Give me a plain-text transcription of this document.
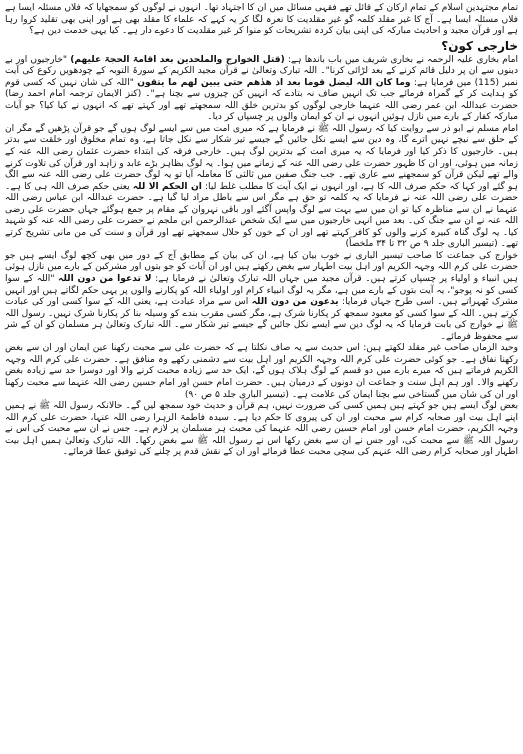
تمام مجتہدین اسلام کے تمام ارکان کے قائل تھے فقہی مسائل میں ان کا اجتہاد تھا۔ انہوں نے لوگوں کو سمجھایا کہ فلاں مسئلہ ایسا ہے فلاں مسئلہ ایسا ہے۔ آج کا غیر مقلد کلمہ گو غیر مقلدیت کا نعرہ لگا کر یہ کہے کہ علماء کا مقلد بھی ہے اور اپنی بھی تقلید کروا رہا ہے اور قرآن مجید و احادیث مبارکہ کی اپنی بیان کردہ تشریحات کو منوا کر غیر مقلدیت کا دعوے دار ہے۔ کیا یہی خدمت دین ہے؟

خارجی کون؟

امام بخاری علیہ الرحمہ نے بخاری شریف میں باب باندھا ہے: (قتل الخوارج والملحدین بعد اقامۃ الحجۃ علیھم) "خارجیوں اور بے دینوں سے ان پر دلیل قائم کرنے کے بعد لڑائی کرنا"۔ اللہ تبارک وتعالیٰ نے قرآن مجید الکریم کے سورۃ التوبہ کے چودھویں رکوع کی آیت نمبر (115) میں فرمایا ہے: وما کان اللہ لیضل قوما بعد اذ ھدٰھم حتی یبین لھم ما یتقون "اللہ کی شان نہیں کہ کسی قوم کو ہدایت کر کے گمراہ فرمائے جب تک انہیں صاف نہ بتادے کہ انہیں کن چیزوں سے بچنا ہے"۔ (کنز الایمان ترجمہ امام احمد رضا) حضرت عبداللہ ابن عمر رضی اللہ عنہما خارجی لوگوں کو بدترین خلق اللہ سمجھتے تھے اور کہتے تھے کہ انہوں نے کیا کیا؟ جو آیات مبارکہ کفار کے بارے میں نازل ہوئیں انہوں نے ان کو ایمان والوں پر چسپاں کر دیا۔

امام مسلم نے ابو ذر سے روایت کیا کہ رسول اللہ ﷺ نے فرمایا ہے کہ میری امت میں سے ایسے لوگ ہوں گے جو قرآن پڑھیں گے مگر ان کے حلق سے نیچے نہیں اترے گا، وہ دین سے ایسے نکل جائیں گے جیسے تیر شکار سے نکل جاتا ہے، وہ تمام مخلوق اور خلقت سے بدتر ہیں۔ خارجیوں کا ذکر کیا اور فرمایا کہ یہ میری امت کے بدترین لوگ ہیں۔ خارجی فرقہ کی ابتداء حضرت عثمان رضی اللہ عنہ کے زمانہ میں ہوئی، اور ان کا ظہور حضرت علی رضی اللہ عنہ کے زمانے میں ہوا۔ یہ لوگ بظاہر بڑے عابد و زاہد اور قرآن کی تلاوت کرنے والے تھے لیکن قرآن کو سمجھنے سے عاری تھے۔ جب جنگ صفین میں ثالثی کا معاملہ آیا تو یہ لوگ حضرت علی رضی اللہ عنہ سے الگ ہو گئے اور کہا کہ حکم صرف اللہ کا ہے، اور انہوں نے ایک آیت کا مطلب غلط لیا: ان الحکم الا للہ یعنی حکم صرف اللہ ہی کا ہے۔ حضرت علی رضی اللہ عنہ نے فرمایا کہ یہ کلمہ تو حق ہے مگر اس سے باطل مراد لیا گیا ہے۔ حضرت عبداللہ ابن عباس رضی اللہ عنہما نے ان سے مناظرہ کیا تو ان میں سے بہت سے لوگ واپس آگئے اور باقی نہروان کے مقام پر جمع ہوگئے جہاں حضرت علی رضی اللہ عنہ نے ان سے جنگ کی۔ بعد میں انہی خارجیوں میں سے ایک شخص عبدالرحمن ابن ملجم نے حضرت علی رضی اللہ عنہ کو شہید کیا۔ یہ لوگ گناہ کبیرہ کرنے والوں کو کافر کہتے تھے اور ان کے خون کو حلال سمجھتے تھے اور قرآن و سنت کی من مانی تشریح کرتے تھے۔ (تیسیر الباری جلد ۹ ص ۳۲ تا ۳۴ ملخصاً)

خوارج کی جماعت کا صاحب تیسیر الباری نے خوب بیان کیا ہے، ان کی بیان کے مطابق آج کے دور میں بھی کچھ لوگ ایسے ہیں جو حضرت علی کرم اللہ وجہہ الکریم اور اہل بیت اطہار سے بغض رکھتے ہیں اور ان آیات کو جو بتوں اور مشرکین کے بارے میں نازل ہوئی ہیں انبیاء و اولیاء پر چسپاں کرتے ہیں۔ قرآن مجید میں جہاں اللہ تبارک وتعالیٰ نے فرمایا ہے: لا تدعوا من دون اللہ "اللہ کے سوا کسی کو نہ پوجو"، یہ آیت بتوں کے بارے میں ہے، مگر یہ لوگ انبیاء کرام اور اولیاء اللہ کو پکارنے والوں پر یہی حکم لگاتے ہیں اور انہیں مشرک ٹھہراتے ہیں۔ اسی طرح جہاں فرمایا: یدعون من دون اللہ اس سے مراد عبادت ہے، یعنی اللہ کے سوا کسی اور کی عبادت کرتے ہیں۔ اللہ کے سوا کسی کو معبود سمجھ کر پکارنا شرک ہے، مگر کسی مقرب بندے کو وسیلہ بنا کر پکارنا شرک نہیں۔ رسول اللہ ﷺ نے خوارج کی بابت فرمایا کہ یہ لوگ دین سے ایسے نکل جائیں گے جیسے تیر شکار سے۔ اللہ تبارک وتعالیٰ ہر مسلمان کو ان کے شر سے محفوظ فرمائے۔

وحید الزماں صاحب غیر مقلد لکھتے ہیں: اس حدیث سے یہ صاف نکلتا ہے کہ حضرت علی سے محبت رکھنا عین ایمان اور ان سے بغض رکھنا نفاق ہے۔ جو کوئی حضرت علی کرم اللہ وجہہ الکریم اور اہل بیت سے دشمنی رکھے وہ منافق ہے۔ حضرت علی کرم اللہ وجہہ الکریم فرماتے ہیں کہ میرے بارے میں دو قسم کے لوگ ہلاک ہوں گے، ایک حد سے زیادہ محبت کرنے والا اور دوسرا حد سے زیادہ بغض رکھنے والا۔ اور ہم اہل سنت و جماعت ان دونوں کے درمیان ہیں۔ حضرت امام حسن اور امام حسین رضی اللہ عنہما سے محبت رکھنا اور ان کی شان میں گستاخی سے بچنا ایمان کی علامت ہے۔ (تیسیر الباری جلد ۵ ص ۹۰)

بعض لوگ ایسے ہیں جو کہتے ہیں ہمیں کسی کی ضرورت نہیں، ہم قرآن و حدیث خود سمجھ لیں گے۔ حالانکہ رسول اللہ ﷺ نے ہمیں اپنے اہل بیت اور صحابہ کرام سے محبت اور ان کی پیروی کا حکم دیا ہے۔ سیدہ فاطمۃ الزہرا رضی اللہ عنہا، حضرت علی کرم اللہ وجہہ الکریم، حضرت امام حسن اور امام حسین رضی اللہ عنہما کی محبت ہر مسلمان پر لازم ہے۔ جس نے ان سے محبت کی اس نے رسول اللہ ﷺ سے محبت کی، اور جس نے ان سے بغض رکھا اس نے رسول اللہ ﷺ سے بغض رکھا۔ اللہ تبارک وتعالیٰ ہمیں اہل بیت اطہار اور صحابہ کرام رضی اللہ عنہم کی سچی محبت عطا فرمائے اور ان کے نقش قدم پر چلنے کی توفیق عطا فرمائے۔
